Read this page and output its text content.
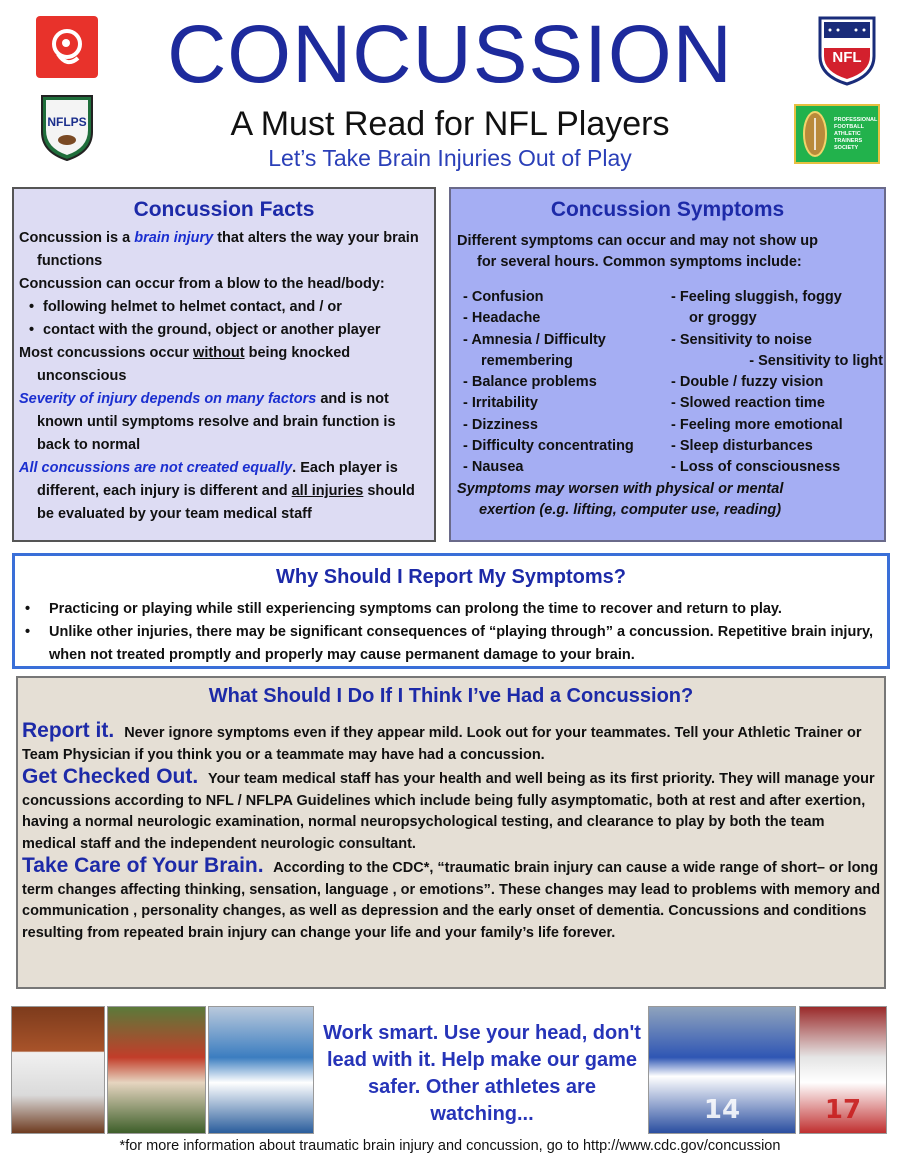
NFLPS
NFL
PROFESSIONAL FOOTBALL ATHLETIC TRAINERS SOCIETY
CONCUSSION
A Must Read for NFL Players
Let’s Take Brain Injuries Out of Play
Concussion Facts
Concussion is a brain injury that alters the way your brain functions
Concussion can occur from a blow to the head/body:
• following helmet to helmet contact, and / or
• contact with the ground, object or another player
Most concussions occur without being knocked unconscious
Severity of injury depends on many factors and is not known until symptoms resolve and brain function is back to normal
All concussions are not created equally. Each player is different, each injury is different and all injuries should be evaluated by your team medical staff
Concussion Symptoms
Different symptoms can occur and may not show up
for several hours. Common symptoms include:
- Confusion
- Headache
- Amnesia / Difficulty
remembering
- Balance problems
- Irritability
- Dizziness
- Difficulty concentrating
- Nausea
- Feeling sluggish, foggy
or groggy
- Sensitivity to noise
- Sensitivity to light
- Double / fuzzy vision
- Slowed reaction time
- Feeling more emotional
- Sleep disturbances
- Loss of consciousness
Symptoms may worsen with physical or mental
exertion (e.g. lifting, computer use, reading)
Why Should I Report My Symptoms?
• Practicing or playing while still experiencing symptoms can prolong the time to recover and return to play.
• Unlike other injuries, there may be significant consequences of “playing through” a concussion. Repetitive brain injury, when not treated promptly and properly may cause permanent damage to your brain.
What Should I Do If I Think I’ve Had a Concussion?

Report it. Never ignore symptoms even if they appear mild. Look out for your teammates. Tell your Athletic Trainer or Team Physician if you think you or a teammate may have had a concussion.

Get Checked Out. Your team medical staff has your health and well being as its first priority. They will manage your concussions according to NFL / NFLPA Guidelines which include being fully asymptomatic, both at rest and after exertion, having a normal neurologic examination, normal neuropsychological testing, and clearance to play by both the team medical staff and the independent neurologic consultant.

Take Care of Your Brain. According to the CDC*, “traumatic brain injury can cause a wide range of short– or long term changes affecting thinking, sensation, language , or emotions”. These changes may lead to problems with memory and communication , personality changes, as well as depression and the early onset of dementia. Concussions and conditions resulting from repeated brain injury can change your life and your family’s life forever.

14	17
Work smart. Use your head, don't lead with it. Help make our game safer. Other athletes are watching...
*for more information about traumatic brain injury and concussion, go to http://www.cdc.gov/concussion
